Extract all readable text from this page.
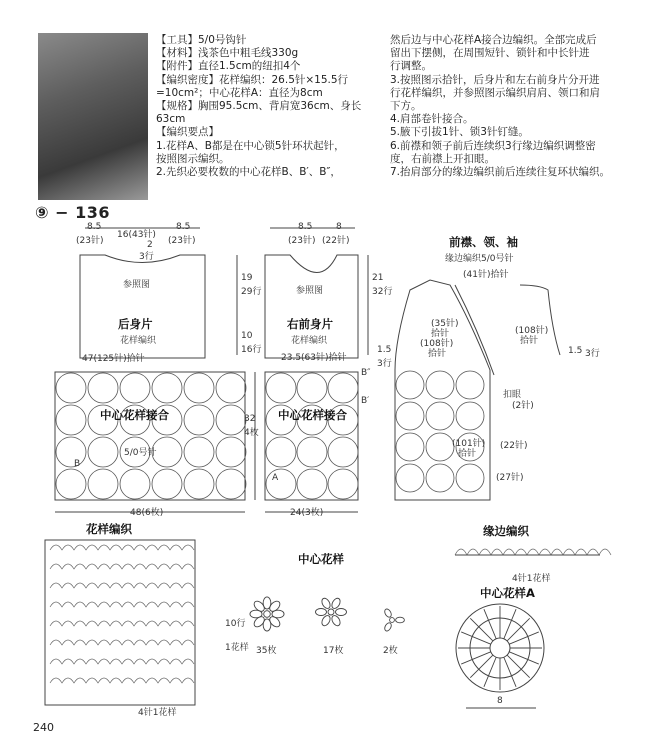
⑨ − 136
【工具】5/0号钩针
【材料】浅茶色中粗毛线330g
【附件】直径1.5cm的纽扣4个
【编织密度】花样编织：26.5针×15.5行
=10cm²；中心花样A：直径为8cm
【规格】胸围95.5cm、背肩宽36cm、身长
63cm
【编织要点】
1.花样A、B都是在中心锁5针环状起针，
按照图示编织。
2.先织必要枚数的中心花样B、B′、B″，
然后边与中心花样A接合边编织。全部完成后
留出下摆侧，在周围短针、锁针和中长针进
行调整。
3.按照图示拾针，后身片和左右前身片分开进
行花样编织，并参照图示编织肩肩、领口和肩
下方。
4.肩部卷针接合。
5.腋下引拔1针、锁3针钉缝。
6.前襟和领子前后连续织3行缘边编织调整密
度，右前襟上开扣眼。
7.抬肩部分的缘边编织前后连续往复环状编织。
8.5
(23针)
16(43针)
8.5
(23针)
2
3行
参照图
后身片
花样编织
47(125针)拾针
19
29行
10
16行
中心花样接合
5/0号针
B
32
4枚
48(6枚)
8.5
(23针)
8
(22针)
参照图
右前身片
花样编织
23.5(63针)拾针
21
32行
B″
B′
中心花样接合
A
24(3枚)
前襟、领、袖
缘边编织5/0号针
(41针)拾针
(35针)
拾针
(108针)
拾针
(108针)
拾针
1.5
3行
1.5 3行
扣眼
(2针)
(101针)
拾针
(22针)
(27针)
花样编织
10行
1花样
4针1花样
中心花样
35枚	17枚	2枚
缘边编织
4针1花样
中心花样A
8
240
